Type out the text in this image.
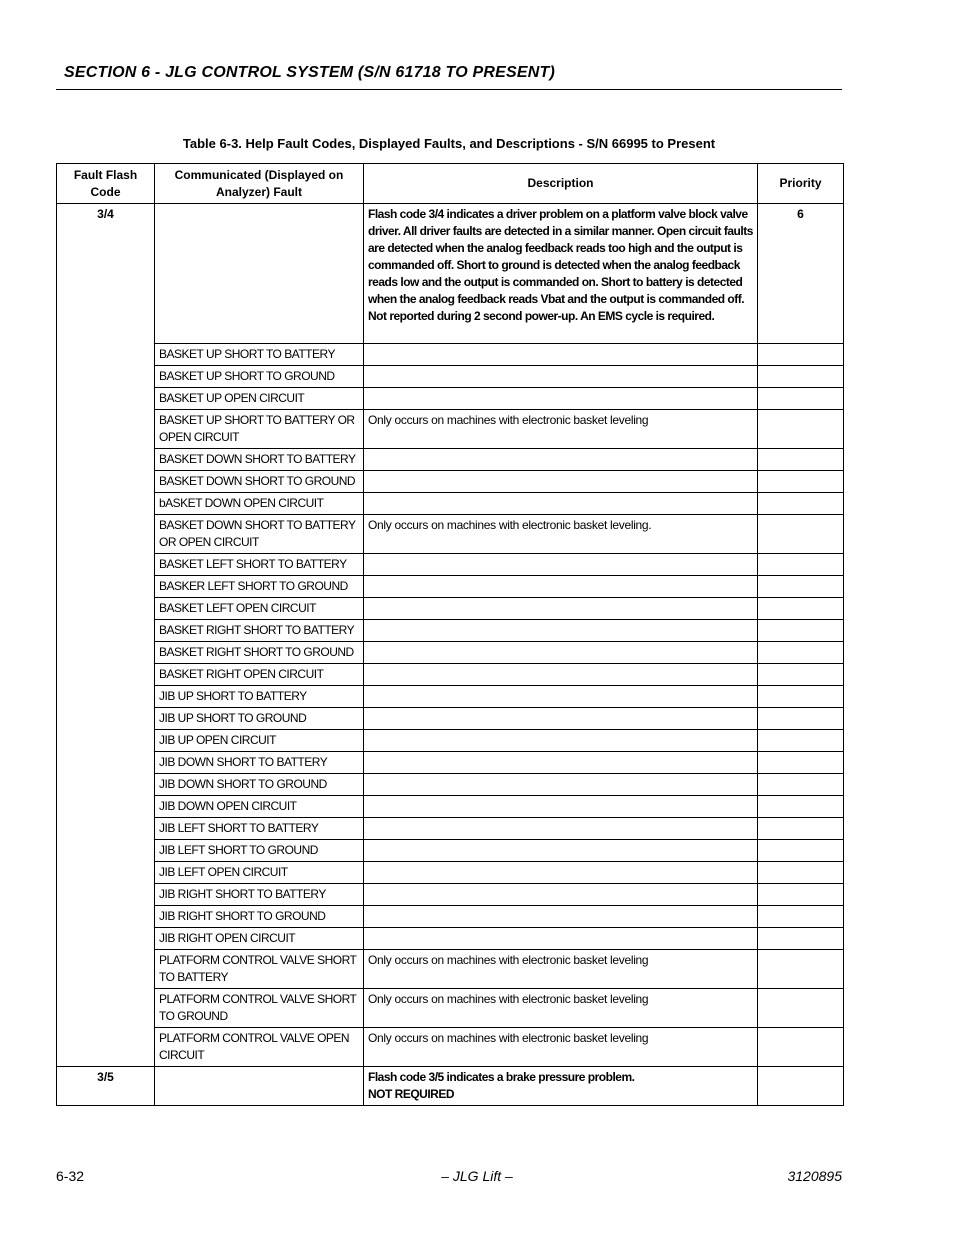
SECTION 6 - JLG CONTROL SYSTEM (S/N 61718 TO PRESENT)
Table 6-3. Help Fault Codes, Displayed Faults, and Descriptions - S/N 66995 to Present
Fault Flash Code	Communicated (Displayed on Analyzer) Fault	Description	Priority
3/4		Flash code 3/4 indicates a driver problem on a platform valve block valve driver. All driver faults are detected in a similar manner. Open circuit faults are detected when the analog feedback reads too high and the output is commanded off. Short to ground is detected when the analog feedback reads low and the output is commanded on. Short to battery is detected when the analog feedback reads Vbat and the output is commanded off. Not reported during 2 second power-up. An EMS cycle is required.	6
	BASKET UP SHORT TO BATTERY		
	BASKET UP SHORT TO GROUND		
	BASKET UP OPEN CIRCUIT		
	BASKET UP SHORT TO BATTERY OR OPEN CIRCUIT	Only occurs on machines with electronic basket leveling	
	BASKET DOWN SHORT TO BATTERY		
	BASKET DOWN SHORT TO GROUND		
	bASKET DOWN OPEN CIRCUIT		
	BASKET DOWN SHORT TO BATTERY OR OPEN CIRCUIT	Only occurs on machines with electronic basket leveling.	
	BASKET LEFT SHORT TO BATTERY		
	BASKER LEFT SHORT TO GROUND		
	BASKET LEFT OPEN CIRCUIT		
	BASKET RIGHT SHORT TO BATTERY		
	BASKET RIGHT SHORT TO GROUND		
	BASKET RIGHT OPEN CIRCUIT		
	JIB UP SHORT TO BATTERY		
	JIB UP SHORT TO GROUND		
	JIB UP OPEN CIRCUIT		
	JIB DOWN SHORT TO BATTERY		
	JIB DOWN SHORT TO GROUND		
	JIB DOWN OPEN CIRCUIT		
	JIB LEFT SHORT TO BATTERY		
	JIB LEFT SHORT TO GROUND		
	JIB LEFT OPEN CIRCUIT		
	JIB RIGHT SHORT TO BATTERY		
	JIB RIGHT SHORT TO GROUND		
	JIB RIGHT OPEN CIRCUIT		
	PLATFORM CONTROL VALVE SHORT TO BATTERY	Only occurs on machines with electronic basket leveling	
	PLATFORM CONTROL VALVE SHORT TO GROUND	Only occurs on machines with electronic basket leveling	
	PLATFORM CONTROL VALVE OPEN CIRCUIT	Only occurs on machines with electronic basket leveling	
3/5		Flash code 3/5 indicates a brake pressure problem.
NOT REQUIRED	
6-32	– JLG Lift –	3120895
